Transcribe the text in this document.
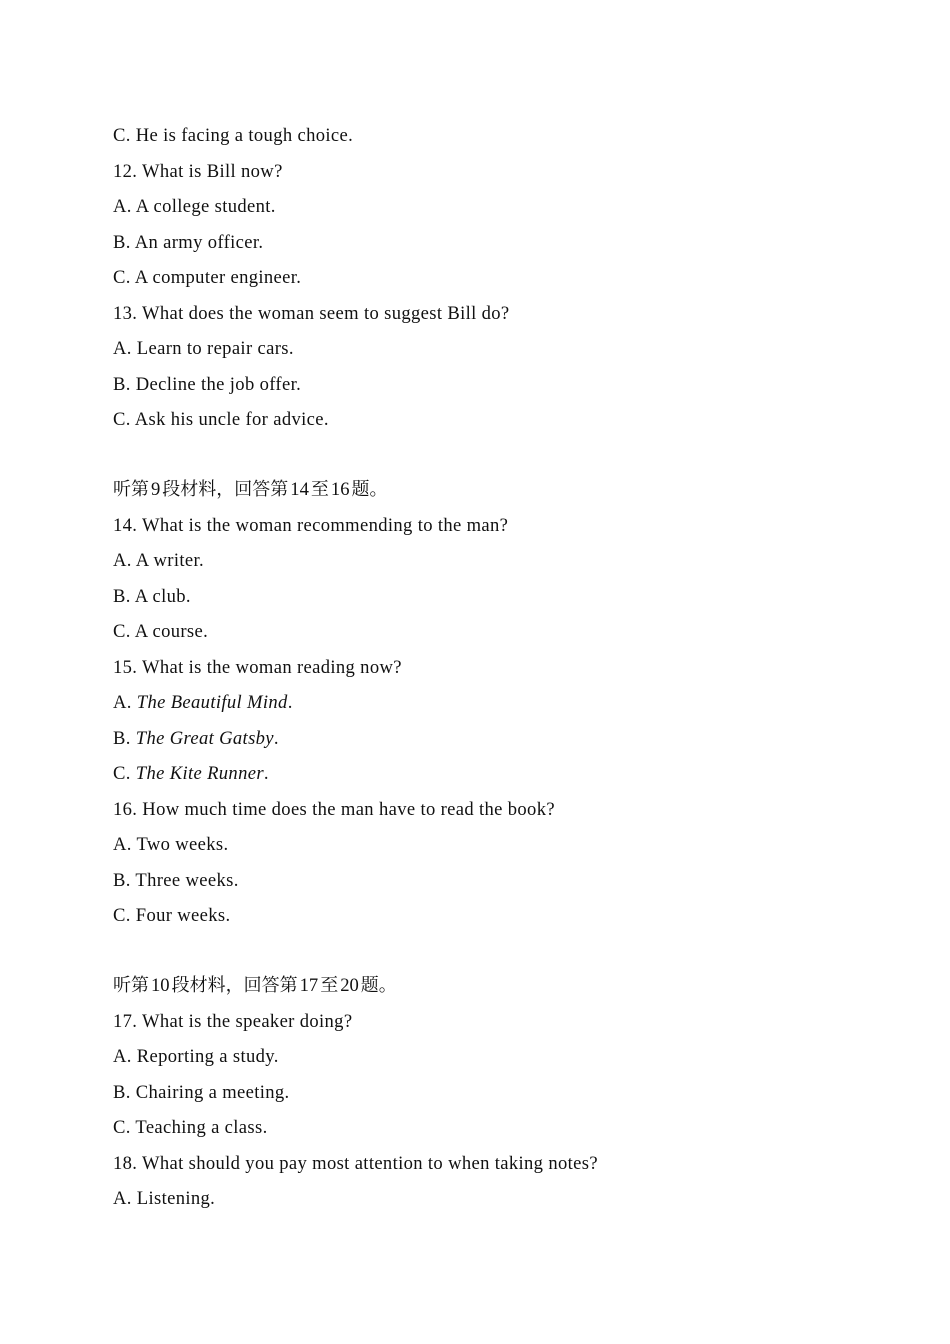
C. He is facing a tough choice.
12. What is Bill now?
A. A college student.
B. An army officer.
C. A computer engineer.
13. What does the woman seem to suggest Bill do?
A. Learn to repair cars.
B. Decline the job offer.
C. Ask his uncle for advice.
听第 9 段材料，回答第 14 至 16 题。
14. What is the woman recommending to the man?
A. A writer.
B. A club.
C. A course.
15. What is the woman reading now?
A. The Beautiful Mind.
B. The Great Gatsby.
C. The Kite Runner.
16. How much time does the man have to read the book?
A. Two weeks.
B. Three weeks.
C. Four weeks.
听第 10 段材料，回答第 17 至 20 题。
17. What is the speaker doing?
A. Reporting a study.
B. Chairing a meeting.
C. Teaching a class.
18. What should you pay most attention to when taking notes?
A. Listening.
